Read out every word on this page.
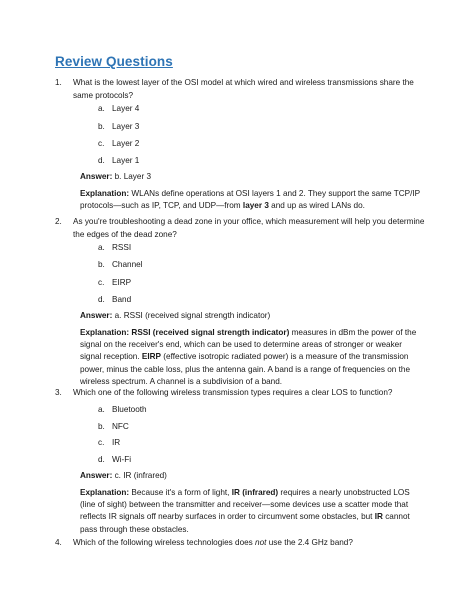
Review Questions
1. What is the lowest layer of the OSI model at which wired and wireless transmissions share the same protocols?
a. Layer 4
b. Layer 3
c. Layer 2
d. Layer 1
Answer: b. Layer 3
Explanation: WLANs define operations at OSI layers 1 and 2. They support the same TCP/IP protocols—such as IP, TCP, and UDP—from layer 3 and up as wired LANs do.
2. As you're troubleshooting a dead zone in your office, which measurement will help you determine the edges of the dead zone?
a. RSSI
b. Channel
c. EIRP
d. Band
Answer: a. RSSI (received signal strength indicator)
Explanation: RSSI (received signal strength indicator) measures in dBm the power of the signal on the receiver's end, which can be used to determine areas of stronger or weaker signal reception. EIRP (effective isotropic radiated power) is a measure of the transmission power, minus the cable loss, plus the antenna gain. A band is a range of frequencies on the wireless spectrum. A channel is a subdivision of a band.
3. Which one of the following wireless transmission types requires a clear LOS to function?
a. Bluetooth
b. NFC
c. IR
d. Wi-Fi
Answer: c. IR (infrared)
Explanation: Because it's a form of light, IR (infrared) requires a nearly unobstructed LOS (line of sight) between the transmitter and receiver—some devices use a scatter mode that reflects IR signals off nearby surfaces in order to circumvent some obstacles, but IR cannot pass through these obstacles.
4. Which of the following wireless technologies does not use the 2.4 GHz band?
